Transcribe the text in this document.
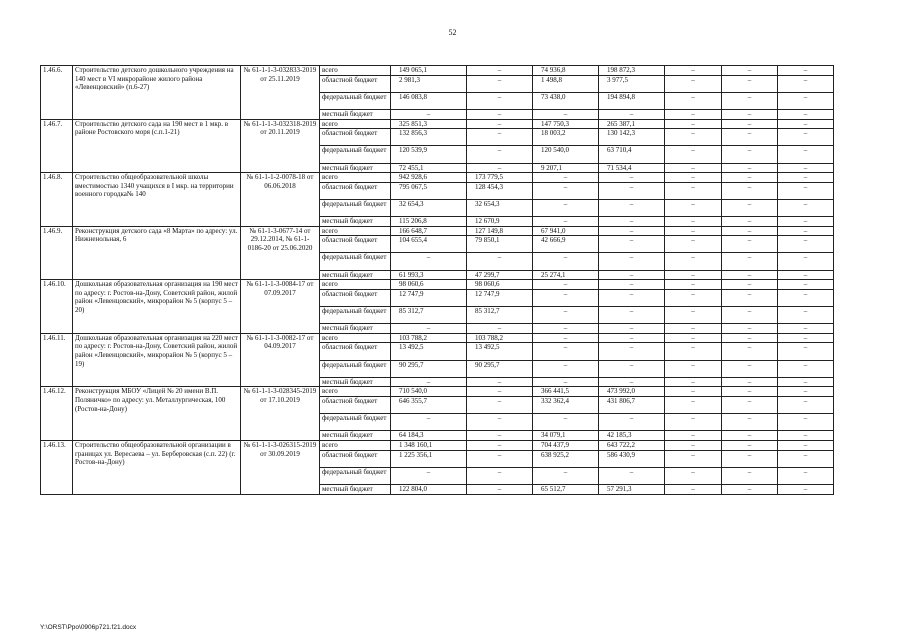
52
1.46.6.	Строительство детского дошкольного учреждения на 140 мест в VI микрорайоне жилого района «Левенцовский» (п.6-27)	№ 61-1-1-3-032833-2019 от 25.11.2019	всего	149 065,1	–	74 936,8	198 872,3	–	–	–
			областной бюджет	2 981,3	–	1 498,8	3 977,5	–	–	–
			федеральный бюджет	146 083,8	–	73 438,0	194 894,8	–	–	–
			местный бюджет	–	–	–	–	–	–	–
1.46.7.	Строительство детского сада на 190 мест в 1 мкр. в районе Ростовского моря (с.п.1-21)	№ 61-1-1-3-032318-2019 от 20.11.2019	всего	325 851,3	–	147 750,3	265 387,1	–	–	–
			областной бюджет	132 856,3	–	18 003,2	130 142,3	–	–	–
			федеральный бюджет	120 539,9	–	120 540,0	63 710,4	–	–	–
			местный бюджет	72 455,1	–	9 207,1	71 534,4	–	–	–
1.46.8.	Строительство общеобразовательной школы вместимостью 1340 учащихся в I мкр. на территории военного городка№ 140	№ 61-1-1-2-0078-18 от 06.06.2018	всего	942 928,6	173 779,5	–	–	–	–	–
			областной бюджет	795 067,5	128 454,3	–	–	–	–	–
			федеральный бюджет	32 654,3	32 654,3	–	–	–	–	–
			местный бюджет	115 206,8	12 670,9	–	–	–	–	–
1.46.9.	Реконструкция детского сада «8 Марта» по адресу: ул. Нижненольная, 6	№ 61-1-3-0677-14 от 29.12.2014, № 61-1-0186-20 от 25.06.2020	всего	166 648,7	127 149,8	67 941,0	–	–	–	–
			областной бюджет	104 655,4	79 850,1	42 666,9	–	–	–	–
			федеральный бюджет	–	–	–	–	–	–	–
			местный бюджет	61 993,3	47 299,7	25 274,1	–	–	–	–
1.46.10.	Дошкольная образовательная организация на 190 мест по адресу: г. Ростов-на-Дону, Советский район, жилой район «Левенцовский», микрорайон № 5 (корпус 5 – 20)	№ 61-1-1-3-0084-17 от 07.09.2017	всего	98 060,6	98 060,6	–	–	–	–	–
			областной бюджет	12 747,9	12 747,9	–	–	–	–	–
			федеральный бюджет	85 312,7	85 312,7	–	–	–	–	–
			местный бюджет	–	–	–	–	–	–	–
1.46.11.	Дошкольная образовательная организация на 220 мест по адресу: г. Ростов-на-Дону, Советский район, жилой район «Левенцовский», микрорайон № 5 (корпус 5 – 19)	№ 61-1-1-3-0082-17 от 04.09.2017	всего	103 788,2	103 788,2	–	–	–	–	–
			областной бюджет	13 492,5	13 492,5	–	–	–	–	–
			федеральный бюджет	90 295,7	90 295,7	–	–	–	–	–
			местный бюджет	–	–	–	–	–	–	–
1.46.12.	Реконструкция МБОУ «Лицей № 20 имени В.П. Поляничко» по адресу: ул. Металлургическая, 100 (Ростов-на-Дону)	№ 61-1-1-3-028345-2019 от 17.10.2019	всего	710 540,0	–	366 441,5	473 992,0	–	–	–
			областной бюджет	646 355,7	–	332 362,4	431 806,7	–	–	–
			федеральный бюджет	–	–	–	–	–	–	–
			местный бюджет	64 184,3	–	34 079,1	42 185,3	–	–	–
1.46.13.	Строительство общеобразовательной организации в границах ул. Вересаева – ул. Берберовская (с.п. 22) (г. Ростов-на-Дону)	№ 61-1-1-3-026315-2019 от 30.09.2019	всего	1 348 160,1	–	704 437,9	643 722,2	–	–	–
			областной бюджет	1 225 356,1	–	638 925,2	586 430,9	–	–	–
			федеральный бюджет	–	–	–	–	–	–	–
			местный бюджет	122 804,0	–	65 512,7	57 291,3	–	–	–
Y:\ORST\Ppo\0906p721.f21.docx
